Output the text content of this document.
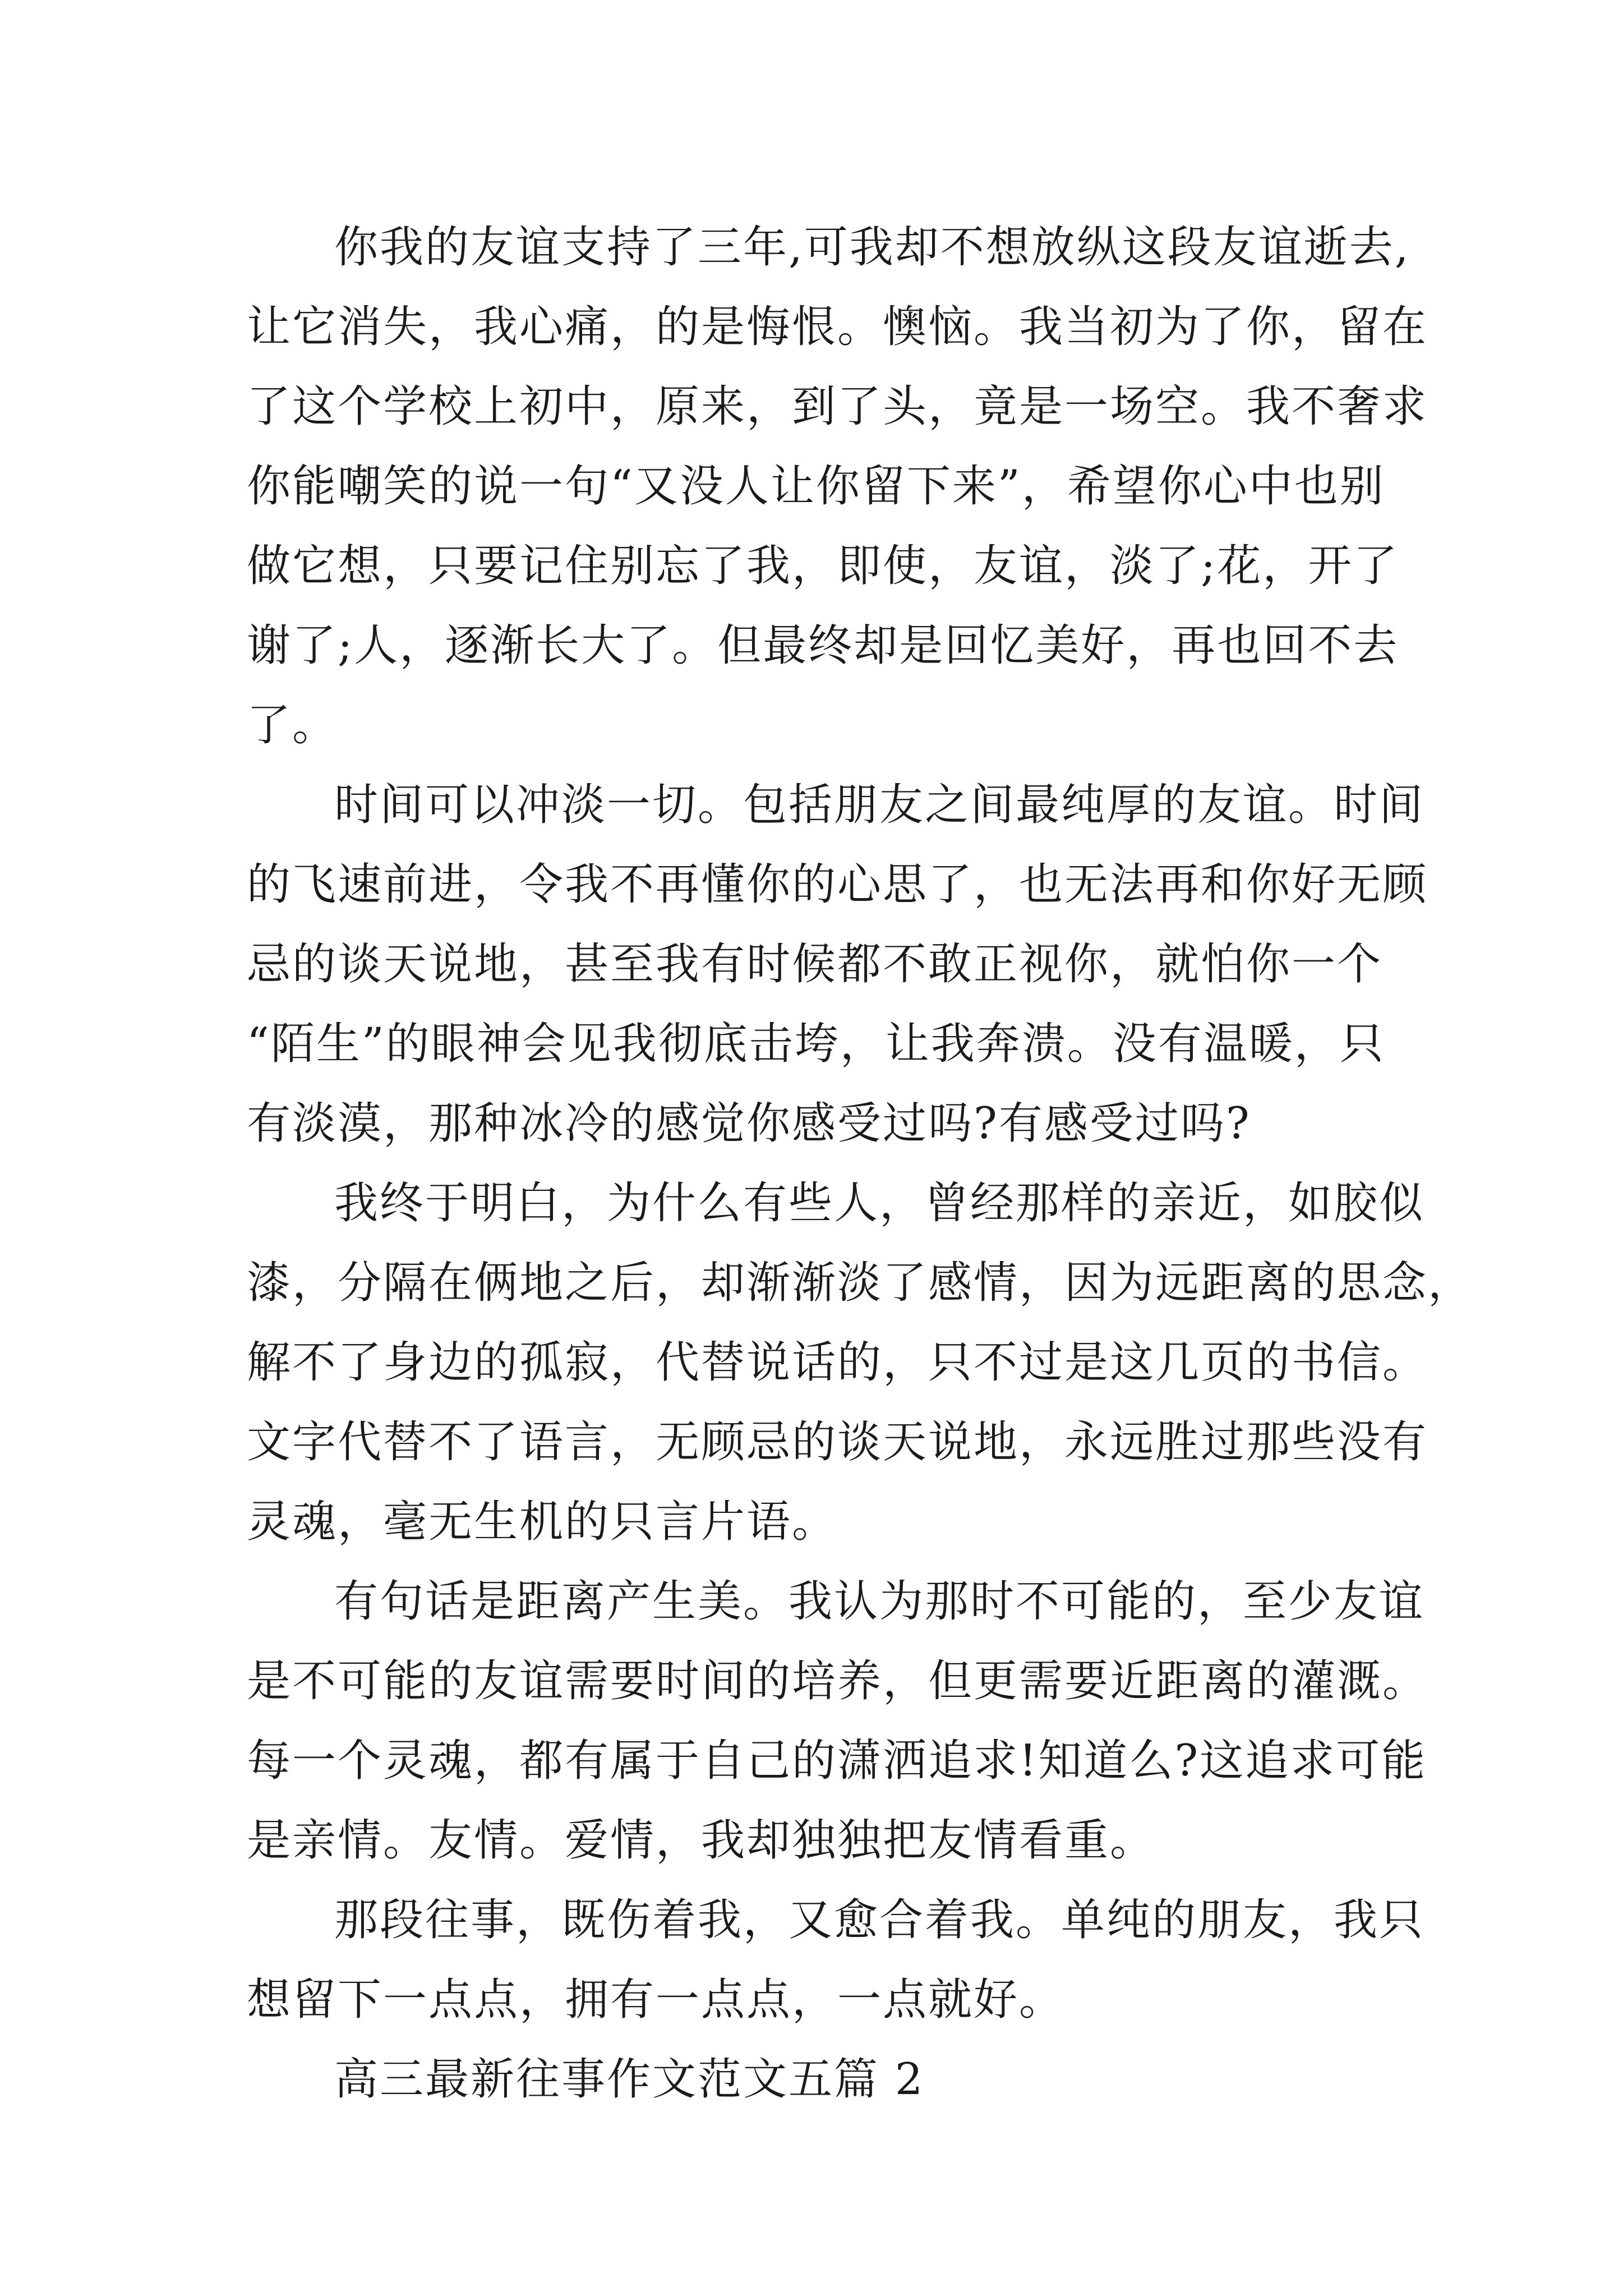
你我的友谊支持了三年,可我却不想放纵这段友谊逝去,
让它消失，我心痛，的是悔恨。懊恼。我当初为了你，留在
了这个学校上初中，原来，到了头，竟是一场空。我不奢求
你能嘲笑的说一句“又没人让你留下来”，希望你心中也别
做它想，只要记住别忘了我，即使，友谊，淡了;花，开了
谢了;人，逐渐长大了。但最终却是回忆美好，再也回不去
了。

时间可以冲淡一切。包括朋友之间最纯厚的友谊。时间
的飞速前进，令我不再懂你的心思了，也无法再和你好无顾
忌的谈天说地，甚至我有时候都不敢正视你，就怕你一个
“陌生”的眼神会见我彻底击垮，让我奔溃。没有温暖，只
有淡漠，那种冰冷的感觉你感受过吗?有感受过吗?

我终于明白，为什么有些人，曾经那样的亲近，如胶似
漆，分隔在俩地之后，却渐渐淡了感情，因为远距离的思念，
解不了身边的孤寂，代替说话的，只不过是这几页的书信。
文字代替不了语言，无顾忌的谈天说地，永远胜过那些没有
灵魂，毫无生机的只言片语。

有句话是距离产生美。我认为那时不可能的，至少友谊
是不可能的友谊需要时间的培养，但更需要近距离的灌溉。
每一个灵魂，都有属于自己的潇洒追求!知道么?这追求可能
是亲情。友情。爱情，我却独独把友情看重。

那段往事，既伤着我，又愈合着我。单纯的朋友，我只
想留下一点点，拥有一点点，一点就好。

高三最新往事作文范文五篇 2
